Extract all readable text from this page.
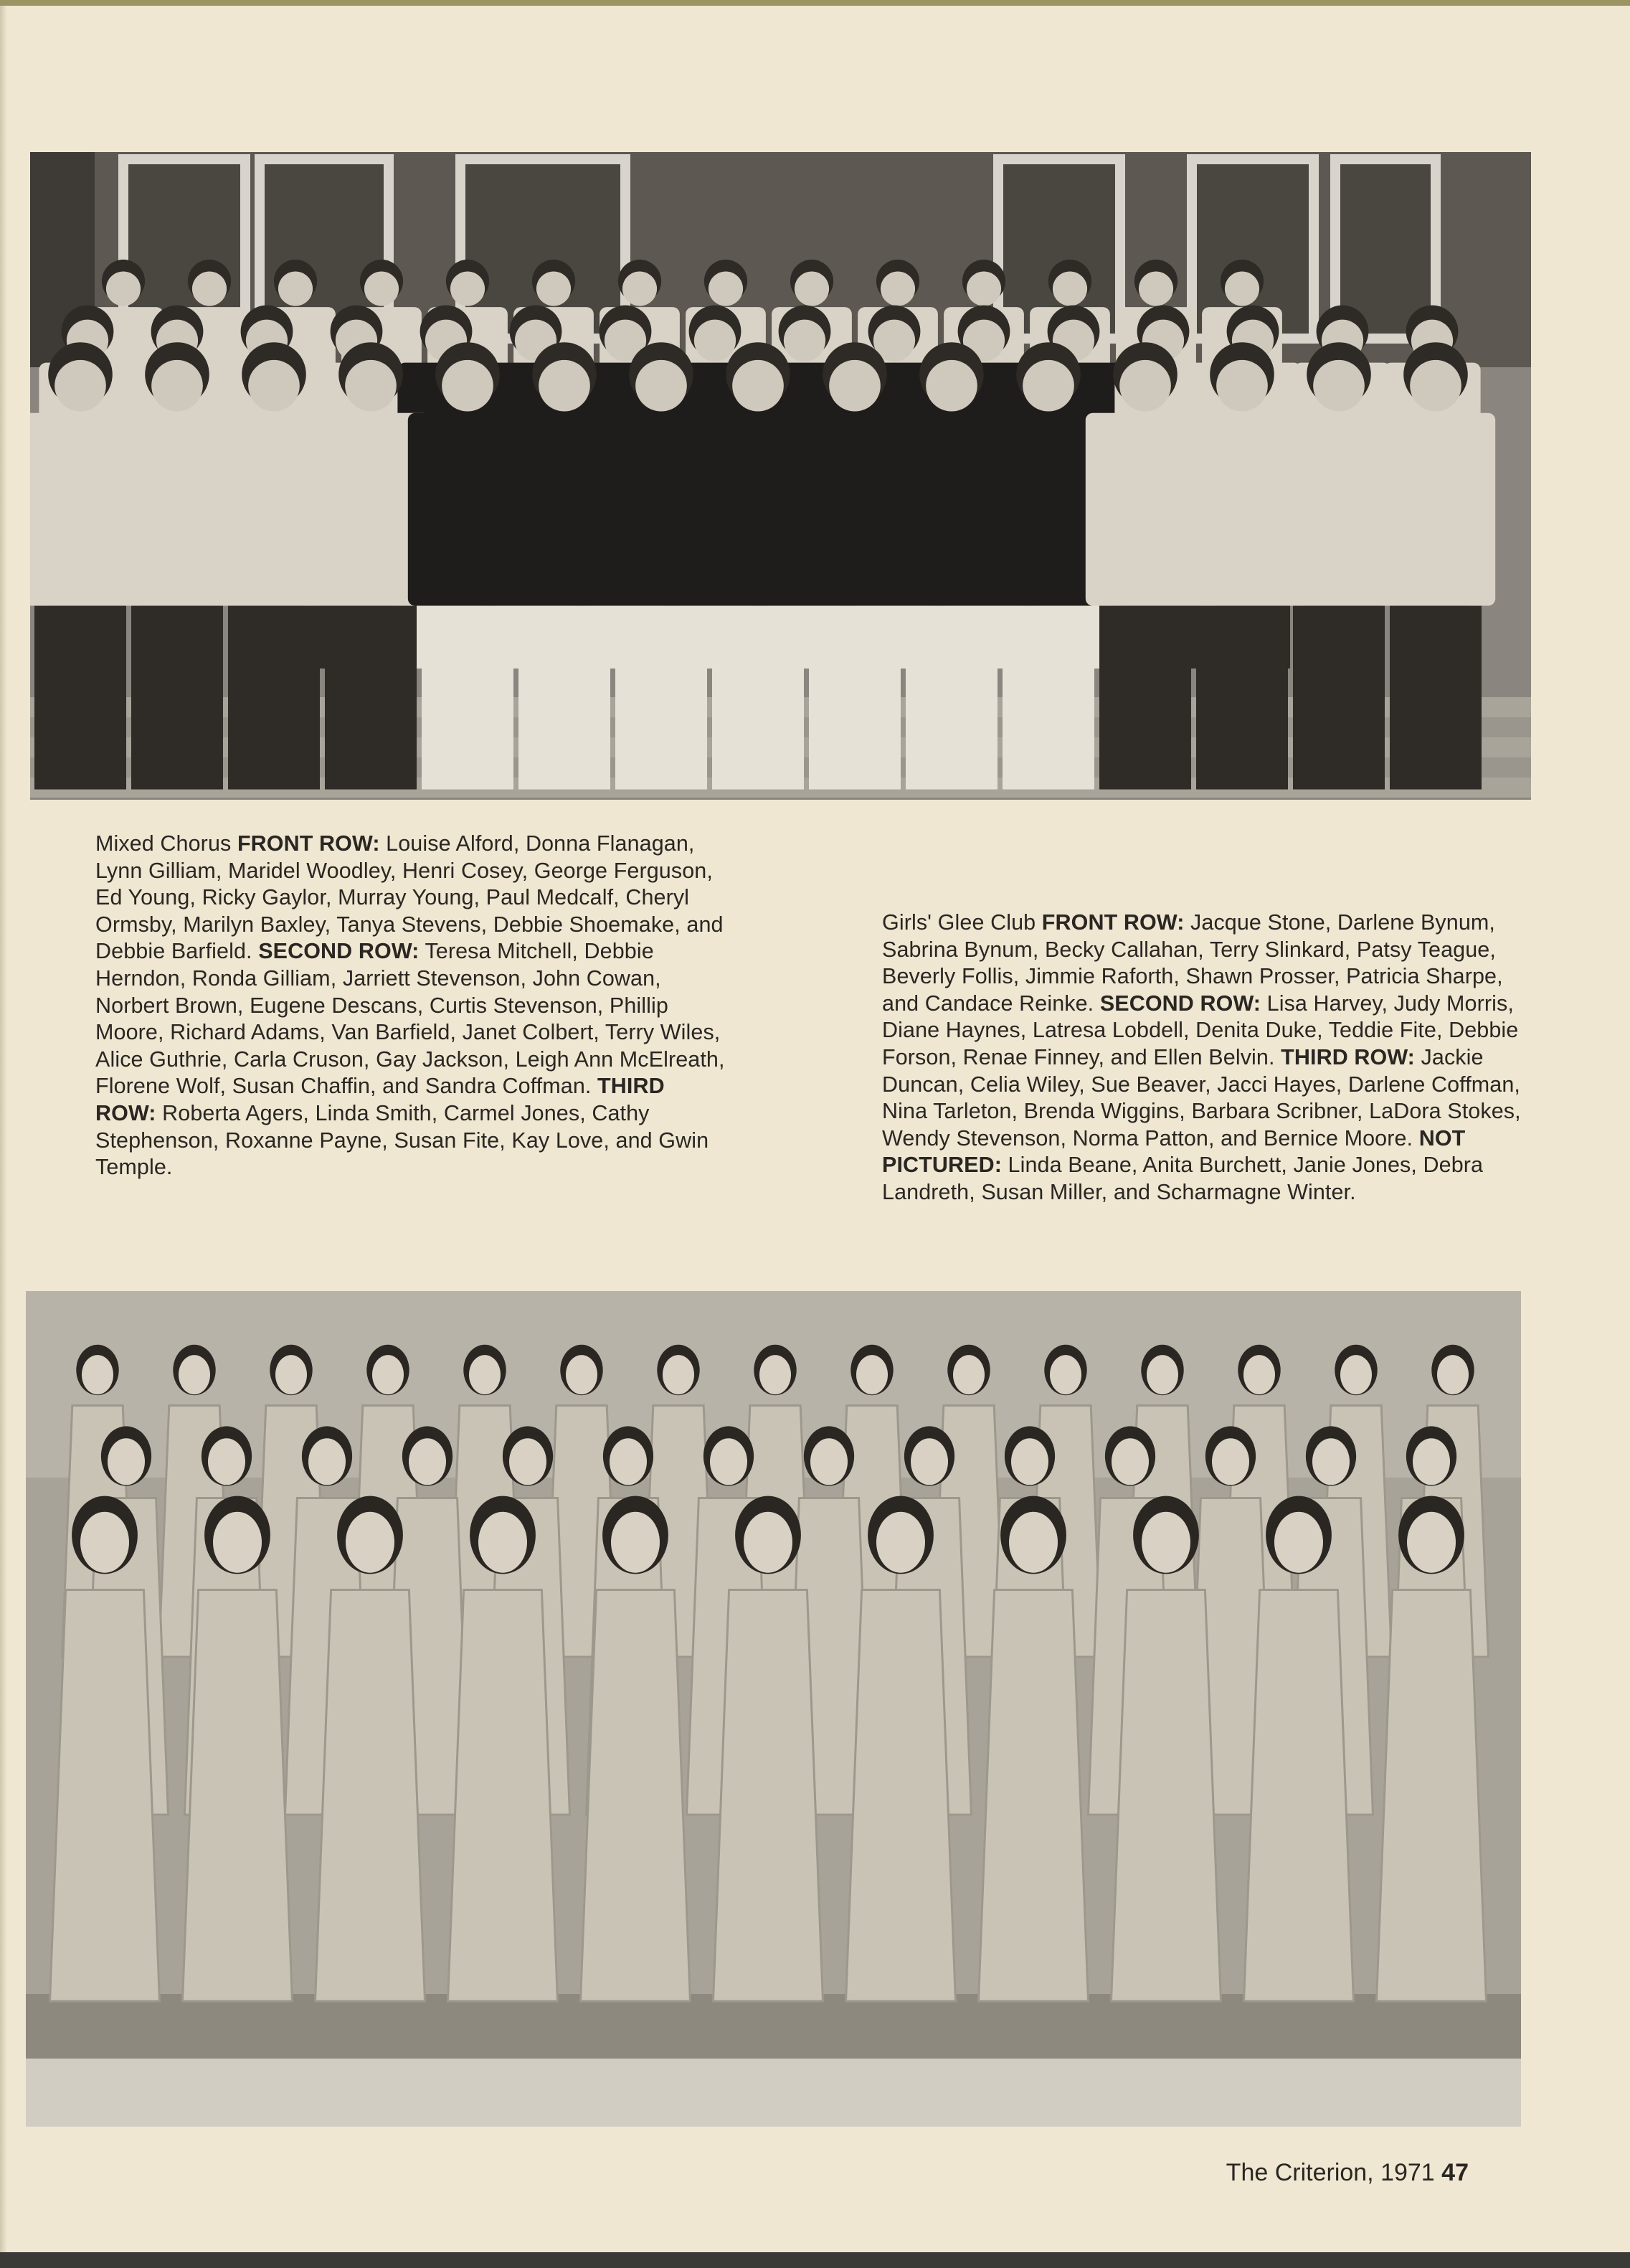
Mixed Chorus FRONT ROW: Louise Alford, Donna Flanagan, Lynn Gilliam, Maridel Woodley, Henri Cosey, George Ferguson, Ed Young, Ricky Gaylor, Murray Young, Paul Medcalf, Cheryl Ormsby, Marilyn Baxley, Tanya Stevens, Debbie Shoemake, and Debbie Barfield. SECOND ROW: Teresa Mitchell, Debbie Herndon, Ronda Gilliam, Jarriett Stevenson, John Cowan, Norbert Brown, Eugene Descans, Curtis Stevenson, Phillip Moore, Richard Adams, Van Barfield, Janet Colbert, Terry Wiles, Alice Guthrie, Carla Cruson, Gay Jackson, Leigh Ann McElreath, Florene Wolf, Susan Chaffin, and Sandra Coffman. THIRD ROW: Roberta Agers, Linda Smith, Carmel Jones, Cathy Stephenson, Roxanne Payne, Susan Fite, Kay Love, and Gwin Temple.
Girls' Glee Club FRONT ROW: Jacque Stone, Darlene Bynum, Sabrina Bynum, Becky Callahan, Terry Slinkard, Patsy Teague, Beverly Follis, Jimmie Raforth, Shawn Prosser, Patricia Sharpe, and Candace Reinke. SECOND ROW: Lisa Harvey, Judy Morris, Diane Haynes, Latresa Lobdell, Denita Duke, Teddie Fite, Debbie Forson, Renae Finney, and Ellen Belvin. THIRD ROW: Jackie Duncan, Celia Wiley, Sue Beaver, Jacci Hayes, Darlene Coffman, Nina Tarleton, Brenda Wiggins, Barbara Scribner, LaDora Stokes, Wendy Stevenson, Norma Patton, and Bernice Moore. NOT PICTURED: Linda Beane, Anita Burchett, Janie Jones, Debra Landreth, Susan Miller, and Scharmagne Winter.
The Criterion, 1971 47
